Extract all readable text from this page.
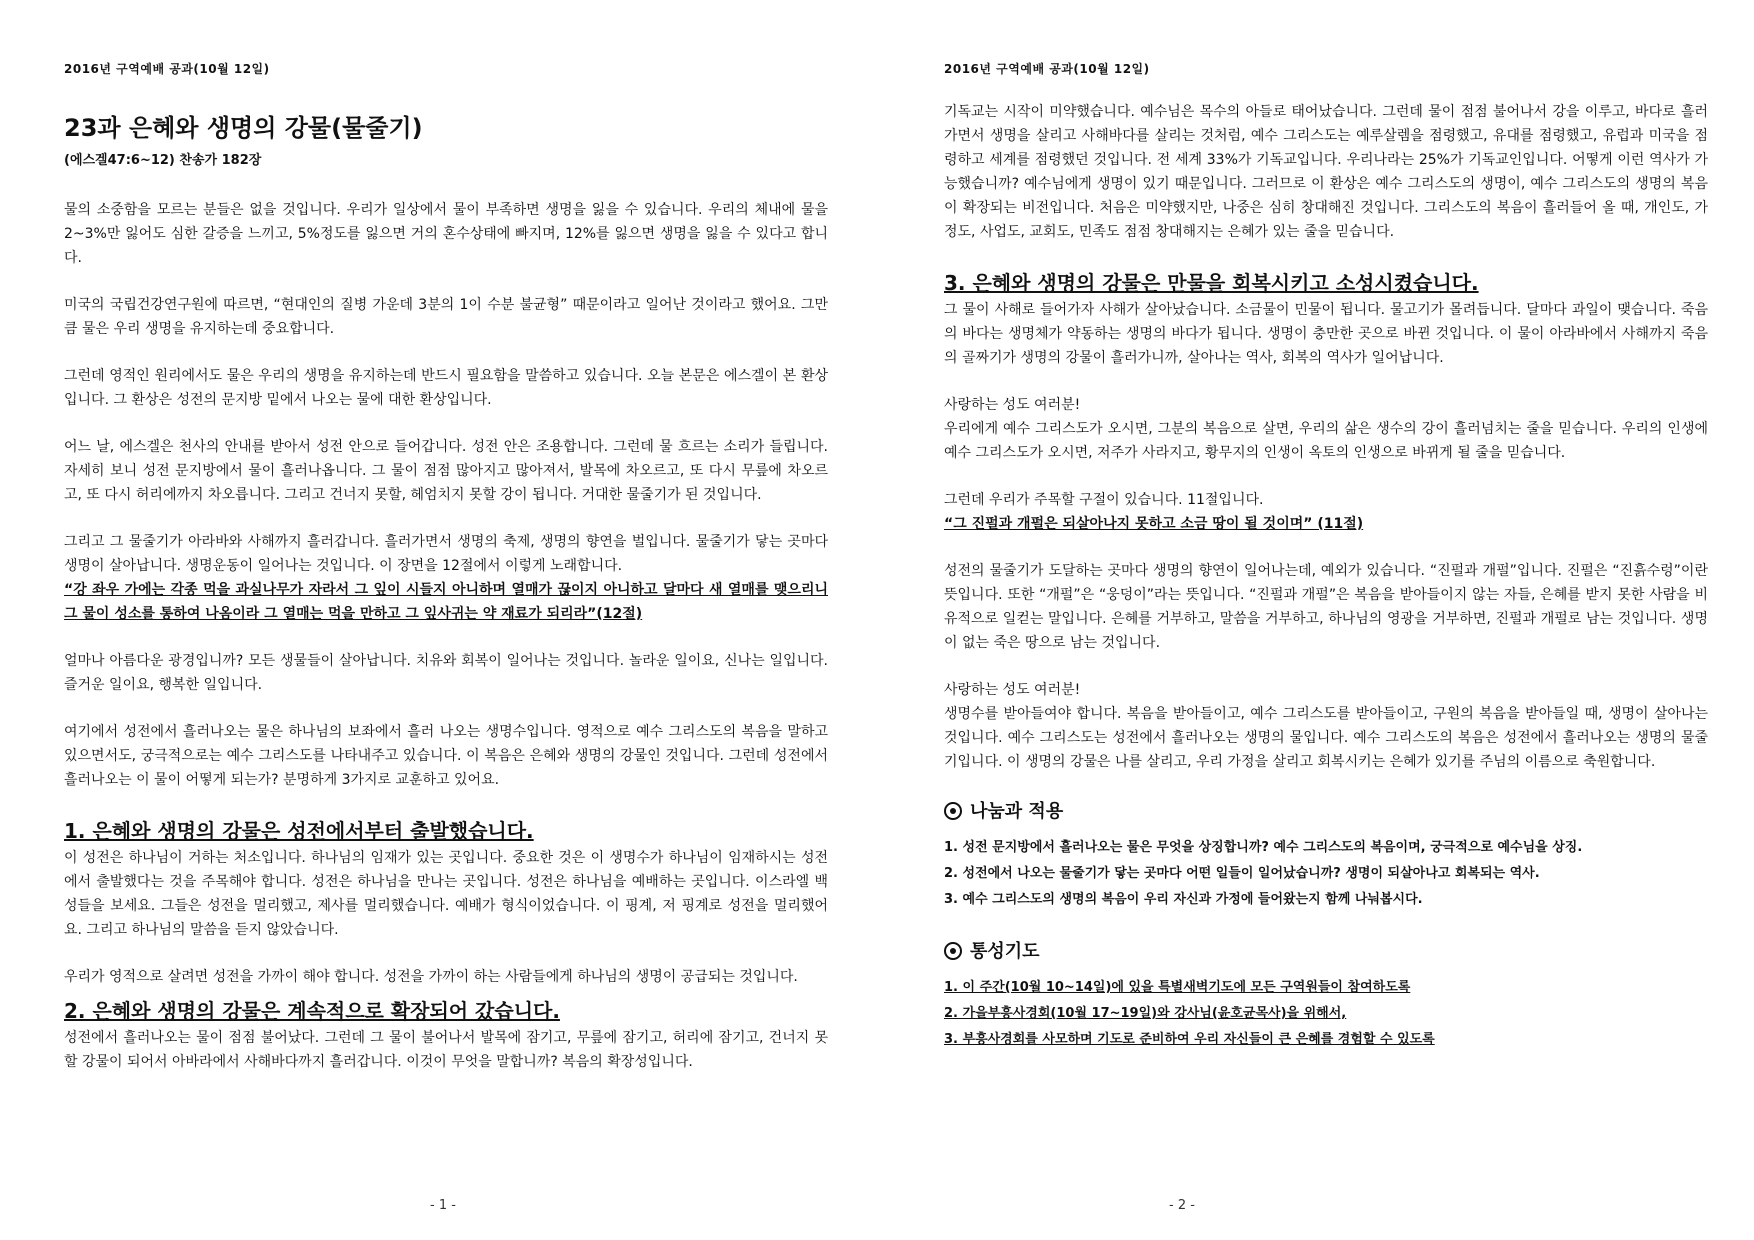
2016년 구역예배 공과(10월 12일)
23과 은혜와 생명의 강물(물줄기)
(에스겔47:6~12) 찬송가 182장

물의 소중함을 모르는 분들은 없을 것입니다. 우리가 일상에서 물이 부족하면 생명을 잃을 수 있습니다. 우리의 체내에 물을 2~3%만 잃어도 심한 갈증을 느끼고, 5%정도를 잃으면 거의 혼수상태에 빠지며, 12%를 잃으면 생명을 잃을 수 있다고 합니다.

미국의 국립건강연구원에 따르면, “현대인의 질병 가운데 3분의 1이 수분 불균형” 때문이라고 일어난 것이라고 했어요. 그만큼 물은 우리 생명을 유지하는데 중요합니다.

그런데 영적인 원리에서도 물은 우리의 생명을 유지하는데 반드시 필요함을 말씀하고 있습니다. 오늘 본문은 에스겔이 본 환상입니다. 그 환상은 성전의 문지방 밑에서 나오는 물에 대한 환상입니다.

어느 날, 에스겔은 천사의 안내를 받아서 성전 안으로 들어갑니다. 성전 안은 조용합니다. 그런데 물 흐르는 소리가 들립니다. 자세히 보니 성전 문지방에서 물이 흘러나옵니다. 그 물이 점점 많아지고 많아져서, 발목에 차오르고, 또 다시 무릎에 차오르고, 또 다시 허리에까지 차오릅니다. 그리고 건너지 못할, 헤엄치지 못할 강이 됩니다. 거대한 물줄기가 된 것입니다.

그리고 그 물줄기가 아라바와 사해까지 흘러갑니다. 흘러가면서 생명의 축제, 생명의 향연을 벌입니다. 물줄기가 닿는 곳마다 생명이 살아납니다. 생명운동이 일어나는 것입니다. 이 장면을 12절에서 이렇게 노래합니다.

“강 좌우 가에는 각종 먹을 과실나무가 자라서 그 잎이 시들지 아니하며 열매가 끊이지 아니하고 달마다 새 열매를 맺으리니 그 물이 성소를 통하여 나옴이라 그 열매는 먹을 만하고 그 잎사귀는 약 재료가 되리라”(12절)

얼마나 아름다운 광경입니까? 모든 생물들이 살아납니다. 치유와 회복이 일어나는 것입니다. 놀라운 일이요, 신나는 일입니다. 즐거운 일이요, 행복한 일입니다.

여기에서 성전에서 흘러나오는 물은 하나님의 보좌에서 흘러 나오는 생명수입니다. 영적으로 예수 그리스도의 복음을 말하고 있으면서도, 궁극적으로는 예수 그리스도를 나타내주고 있습니다. 이 복음은 은혜와 생명의 강물인 것입니다. 그런데 성전에서 흘러나오는 이 물이 어떻게 되는가? 분명하게 3가지로 교훈하고 있어요.

1. 은혜와 생명의 강물은 성전에서부터 출발했습니다.

이 성전은 하나님이 거하는 처소입니다. 하나님의 임재가 있는 곳입니다. 중요한 것은 이 생명수가 하나님이 임재하시는 성전에서 출발했다는 것을 주목해야 합니다. 성전은 하나님을 만나는 곳입니다. 성전은 하나님을 예배하는 곳입니다. 이스라엘 백성들을 보세요. 그들은 성전을 멀리했고, 제사를 멀리했습니다. 예배가 형식이었습니다. 이 핑계, 저 핑계로 성전을 멀리했어요. 그리고 하나님의 말씀을 듣지 않았습니다.

우리가 영적으로 살려면 성전을 가까이 해야 합니다. 성전을 가까이 하는 사람들에게 하나님의 생명이 공급되는 것입니다.

2. 은혜와 생명의 강물은 계속적으로 확장되어 갔습니다.

성전에서 흘러나오는 물이 점점 불어났다. 그런데 그 물이 불어나서 발목에 잠기고, 무릎에 잠기고, 허리에 잠기고, 건너지 못할 강물이 되어서 아바라에서 사해바다까지 흘러갑니다. 이것이 무엇을 말합니까? 복음의 확장성입니다.

- 1 -
2016년 구역예배 공과(10월 12일)

기독교는 시작이 미약했습니다. 예수님은 목수의 아들로 태어났습니다. 그런데 물이 점점 불어나서 강을 이루고, 바다로 흘러가면서 생명을 살리고 사해바다를 살리는 것처럼, 예수 그리스도는 예루살렘을 점령했고, 유대를 점령했고, 유럽과 미국을 점령하고 세계를 점령했던 것입니다. 전 세계 33%가 기독교입니다. 우리나라는 25%가 기독교인입니다. 어떻게 이런 역사가 가능했습니까? 예수님에게 생명이 있기 때문입니다. 그러므로 이 환상은 예수 그리스도의 생명이, 예수 그리스도의 생명의 복음이 확장되는 비전입니다. 처음은 미약했지만, 나중은 심히 창대해진 것입니다. 그리스도의 복음이 흘러들어 올 때, 개인도, 가정도, 사업도, 교회도, 민족도 점점 창대해지는 은혜가 있는 줄을 믿습니다.

3. 은혜와 생명의 강물은 만물을 회복시키고 소성시켰습니다.

그 물이 사해로 들어가자 사해가 살아났습니다. 소금물이 민물이 됩니다. 물고기가 몰려듭니다. 달마다 과일이 맺습니다. 죽음의 바다는 생명체가 약동하는 생명의 바다가 됩니다. 생명이 충만한 곳으로 바뀐 것입니다. 이 물이 아라바에서 사해까지 죽음의 골짜기가 생명의 강물이 흘러가니까, 살아나는 역사, 회복의 역사가 일어납니다.

사랑하는 성도 여러분!

우리에게 예수 그리스도가 오시면, 그분의 복음으로 살면, 우리의 삶은 생수의 강이 흘러넘치는 줄을 믿습니다. 우리의 인생에 예수 그리스도가 오시면, 저주가 사라지고, 황무지의 인생이 옥토의 인생으로 바뀌게 될 줄을 믿습니다.

그런데 우리가 주목할 구절이 있습니다. 11절입니다.

“그 진펄과 개펄은 되살아나지 못하고 소금 땅이 될 것이며” (11절)

성전의 물줄기가 도달하는 곳마다 생명의 향연이 일어나는데, 예외가 있습니다. “진펄과 개펄”입니다. 진펄은 “진흙수렁”이란 뜻입니다. 또한 “개펄”은 “웅덩이”라는 뜻입니다. “진펄과 개펄”은 복음을 받아들이지 않는 자들, 은혜를 받지 못한 사람을 비유적으로 일컫는 말입니다. 은혜를 거부하고, 말씀을 거부하고, 하나님의 영광을 거부하면, 진펄과 개펄로 남는 것입니다. 생명이 없는 죽은 땅으로 남는 것입니다.

사랑하는 성도 여러분!

생명수를 받아들여야 합니다. 복음을 받아들이고, 예수 그리스도를 받아들이고, 구원의 복음을 받아들일 때, 생명이 살아나는 것입니다. 예수 그리스도는 성전에서 흘러나오는 생명의 물입니다. 예수 그리스도의 복음은 성전에서 흘러나오는 생명의 물줄기입니다. 이 생명의 강물은 나를 살리고, 우리 가정을 살리고 회복시키는 은혜가 있기를 주님의 이름으로 축원합니다.

나눔과 적용
1. 성전 문지방에서 흘러나오는 물은 무엇을 상징합니까? 예수 그리스도의 복음이며, 궁극적으로 예수님을 상징.
2. 성전에서 나오는 물줄기가 닿는 곳마다 어떤 일들이 일어났습니까? 생명이 되살아나고 회복되는 역사.
3. 예수 그리스도의 생명의 복음이 우리 자신과 가정에 들어왔는지 함께 나눠봅시다.
통성기도
1. 이 주간(10월 10~14일)에 있을 특별새벽기도에 모든 구역원들이 참여하도록
2. 가을부흥사경회(10월 17~19일)와 강사님(윤호균목사)을 위해서,
3. 부흥사경회를 사모하며 기도로 준비하여 우리 자신들이 큰 은혜를 경험할 수 있도록
- 2 -
